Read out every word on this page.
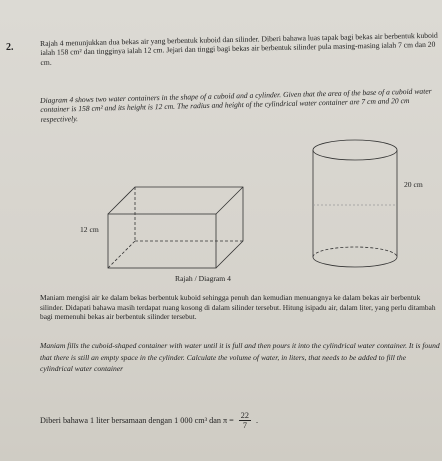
2.	Rajah 4 menunjukkan dua bekas air yang berbentuk kuboid dan silinder. Diberi bahawa luas tapak bagi bekas air berbentuk kuboid ialah 158 cm² dan tingginya ialah 12 cm. Jejari dan tinggi bagi bekas air berbentuk silinder pula masing-masing ialah 7 cm dan 20 cm.
Diagram 4 shows two water containers in the shape of a cuboid and a cylinder. Given that the area of the base of a cuboid water container is 158 cm² and its height is 12 cm. The radius and height of the cylindrical water container are 7 cm and 20 cm respectively.
12 cm
20 cm
Rajah / Diagram 4
Maniam mengisi air ke dalam bekas berbentuk kuboid sehingga penuh dan kemudian menuangnya ke dalam bekas air berbentuk silinder. Didapati bahawa masih terdapat ruang kosong di dalam silinder tersebut. Hitung isipadu air, dalam liter, yang perlu ditambah bagi memenuhi bekas air berbentuk silinder tersebut.
Maniam fills the cuboid-shaped container with water until it is full and then pours it into the cylindrical water container. It is found that there is still an empty space in the cylinder. Calculate the volume of water, in liters, that needs to be added to fill the cylindrical water container
Diberi bahawa 1 liter bersamaan dengan 1 000 cm³ dan $\pi = \frac{22}{7}$ .
